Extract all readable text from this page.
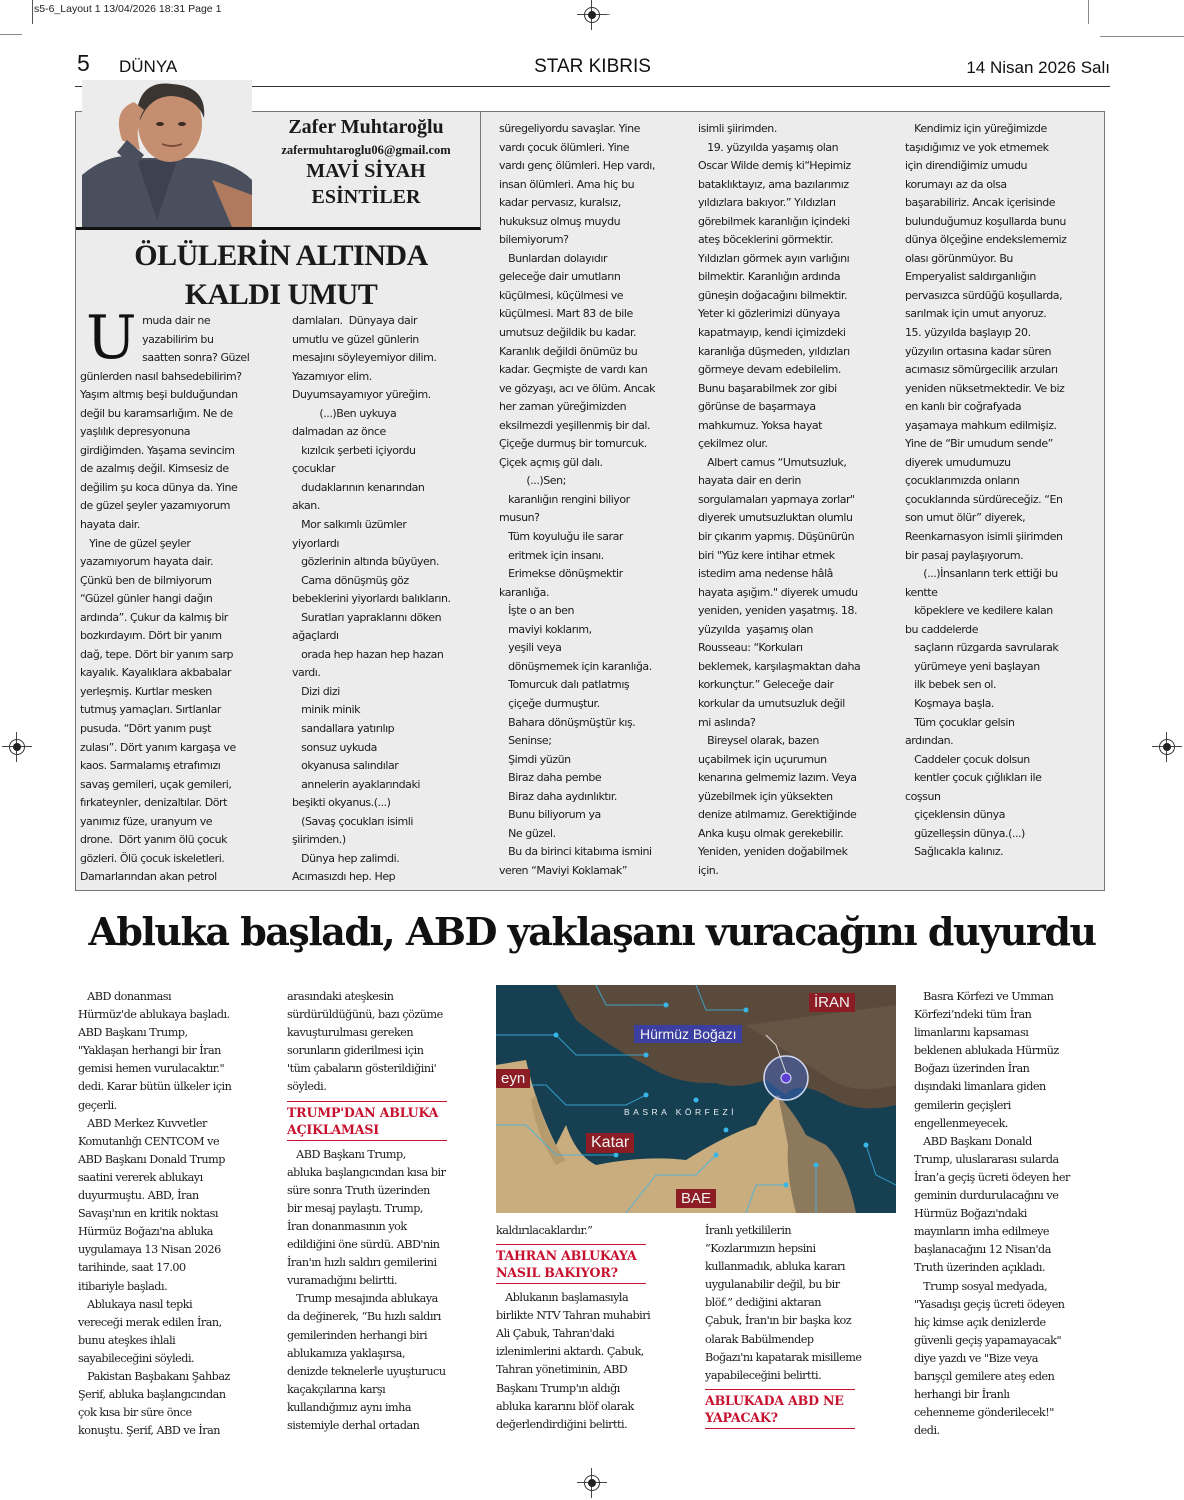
s5-6_Layout 1 13/04/2026 18:31 Page 1
5 DÜNYA	STAR KIBRIS	14 Nisan 2026 Salı
Zafer Muhtaroğlu
zafermuhtaroglu06@gmail.com
MAVİ SİYAH
ESİNTİLER
ÖLÜLERİN ALTINDA
KALDI UMUT
U muda dair ne
yazabilirim bu
saatten sonra? Güzel
günlerden nasıl bahsedebilirim?
Yaşım altmış beşi bulduğundan
değil bu karamsarlığım. Ne de
yaşlılık depresyonuna
girdiğimden. Yaşama sevincim
de azalmış değil. Kimsesiz de
değilim şu koca dünya da. Yine
de güzel şeyler yazamıyorum
hayata dair.
Yine de güzel şeyler
yazamıyorum hayata dair.
Çünkü ben de bilmiyorum
“Güzel günler hangi dağın
ardında”. Çukur da kalmış bir
bozkırdayım. Dört bir yanım
dağ, tepe. Dört bir yanım sarp
kayalık. Kayalıklara akbabalar
yerleşmiş. Kurtlar mesken
tutmuş yamaçları. Sırtlanlar
pusuda. “Dört yanım puşt
zulası”. Dört yanım kargaşa ve
kaos. Sarmalamış etrafımızı
savaş gemileri, uçak gemileri,
fırkateynler, denizaltılar. Dört
yanımız füze, uranyum ve
drone.  Dört yanım ölü çocuk
gözleri. Ölü çocuk iskeletleri.
Damarlarından akan petrol
damlaları.  Dünyaya dair
umutlu ve güzel günlerin
mesajını söyleyemiyor dilim.
Yazamıyor elim.
Duyumsayamıyor yüreğim.
(...)Ben uykuya
dalmadan az önce
kızılcık şerbeti içiyordu
çocuklar
dudaklarının kenarından
akan.
Mor salkımlı üzümler
yiyorlardı
gözlerinin altında büyüyen.
Cama dönüşmüş göz
bebeklerini yiyorlardı balıkların.
Suratları yapraklarını döken
ağaçlardı
orada hep hazan hep hazan
vardı.
Dizi dizi
minik minik
sandallara yatırılıp
sonsuz uykuda
okyanusa salındılar
annelerin ayaklarındaki
beşikti okyanus.(...)
(Savaş çocukları isimli
şiirimden.)
Dünya hep zalimdi.
Acımasızdı hep. Hep
süregeliyordu savaşlar. Yine
vardı çocuk ölümleri. Yine
vardı genç ölümleri. Hep vardı,
insan ölümleri. Ama hiç bu
kadar pervasız, kuralsız,
hukuksuz olmuş muydu
bilemiyorum?
Bunlardan dolayıdır
geleceğe dair umutların
küçülmesi, küçülmesi ve
küçülmesi. Mart 83 de bile
umutsuz değildik bu kadar.
Karanlık değildi önümüz bu
kadar. Geçmişte de vardı kan
ve gözyaşı, acı ve ölüm. Ancak
her zaman yüreğimizden
eksilmezdi yeşillenmiş bir dal.
Çiçeğe durmuş bir tomurcuk.
Çiçek açmış gül dalı.
(...)Sen;
karanlığın rengini biliyor
musun?
Tüm koyuluğu ile sarar
eritmek için insanı.
Erimekse dönüşmektir
karanlığa.
İşte o an ben
maviyi koklarım,
yeşili veya
dönüşmemek için karanlığa.
Tomurcuk dalı patlatmış
çiçeğe durmuştur.
Bahara dönüşmüştür kış.
Seninse;
Şimdi yüzün
Biraz daha pembe
Biraz daha aydınlıktır.
Bunu biliyorum ya
Ne güzel.
Bu da birinci kitabıma ismini
veren “Maviyi Koklamak”
isimli şiirimden.
19. yüzyılda yaşamış olan
Oscar Wilde demiş ki“Hepimiz
bataklıktayız, ama bazılarımız
yıldızlara bakıyor.” Yıldızları
görebilmek karanlığın içindeki
ateş böceklerini görmektir.
Yıldızları görmek ayın varlığını
bilmektir. Karanlığın ardında
güneşin doğacağını bilmektir.
Yeter ki gözlerimizi dünyaya
kapatmayıp, kendi içimizdeki
karanlığa düşmeden, yıldızları
görmeye devam edebilelim.
Bunu başarabilmek zor gibi
görünse de başarmaya
mahkumuz. Yoksa hayat
çekilmez olur.
Albert camus “Umutsuzluk,
hayata dair en derin
sorgulamaları yapmaya zorlar"
diyerek umutsuzluktan olumlu
bir çıkarım yapmış. Düşünürün
biri "Yüz kere intihar etmek
istedim ama nedense hâlâ
hayata aşığım." diyerek umudu
yeniden, yeniden yaşatmış. 18.
yüzyılda  yaşamış olan
Rousseau: “Korkuları
beklemek, karşılaşmaktan daha
korkunçtur.” Geleceğe dair
korkular da umutsuzluk değil
mi aslında?
Bireysel olarak, bazen
uçabilmek için uçurumun
kenarına gelmemiz lazım. Veya
yüzebilmek için yüksekten
denize atılmamız. Gerektiğinde
Anka kuşu olmak gerekebilir.
Yeniden, yeniden doğabilmek
için.
Kendimiz için yüreğimizde
taşıdığımız ve yok etmemek
için direndiğimiz umudu
korumayı az da olsa
başarabiliriz. Ancak içerisinde
bulunduğumuz koşullarda bunu
dünya ölçeğine endekslememiz
olası görünmüyor. Bu
Emperyalist saldırganlığın
pervasızca sürdüğü koşullarda,
sarılmak için umut arıyoruz.
15. yüzyılda başlayıp 20.
yüzyılın ortasına kadar süren
acımasız sömürgecilik arzuları
yeniden nüksetmektedir. Ve biz
en kanlı bir coğrafyada
yaşamaya mahkum edilmişiz.
Yine de “Bir umudum sende”
diyerek umudumuzu
çocuklarımızda onların
çocuklarında sürdüreceğiz. “En
son umut ölür” diyerek,
Reenkarnasyon isimli şiirimden
bir pasaj paylaşıyorum.
(...)İnsanların terk ettiği bu
kentte
köpeklere ve kedilere kalan
bu caddelerde
saçların rüzgarda savrularak
yürümeye yeni başlayan
ilk bebek sen ol.
Koşmaya başla.
Tüm çocuklar gelsin
ardından.
Caddeler çocuk dolsun
kentler çocuk çığlıkları ile
coşsun
çiçeklensin dünya
güzelleşsin dünya.(...)
Sağlıcakla kalınız.
Abluka başladı, ABD yaklaşanı vuracağını duyurdu
ABD donanması
Hürmüz'de ablukaya başladı.
ABD Başkanı Trump,
"Yaklaşan herhangi bir İran
gemisi hemen vurulacaktır."
dedi. Karar bütün ülkeler için
geçerli.
ABD Merkez Kuvvetler
Komutanlığı CENTCOM ve
ABD Başkanı Donald Trump
saatini vererek ablukayı
duyurmuştu. ABD, İran
Savaşı'nın en kritik noktası
Hürmüz Boğazı'na abluka
uygulamaya 13 Nisan 2026
tarihinde, saat 17.00
itibariyle başladı.
Ablukaya nasıl tepki
vereceği merak edilen İran,
bunu ateşkes ihlali
sayabileceğini söyledi.
Pakistan Başbakanı Şahbaz
Şerif, abluka başlangıcından
çok kısa bir süre önce
konuştu. Şerif, ABD ve İran
arasındaki ateşkesin
sürdürüldüğünü, bazı çözüme
kavuşturulması gereken
sorunların giderilmesi için
'tüm çabaların gösterildiğini'
söyledi.
TRUMP'DAN ABLUKA AÇIKLAMASI
ABD Başkanı Trump,
abluka başlangıcından kısa bir
süre sonra Truth üzerinden
bir mesaj paylaştı. Trump,
İran donanmasının yok
edildiğini öne sürdü. ABD'nin
İran'ın hızlı saldırı gemilerini
vuramadığını belirtti.
Trump mesajında ablukaya
da değinerek, “Bu hızlı saldırı
gemilerinden herhangi biri
ablukamıza yaklaşırsa,
denizde teknelerle uyuşturucu
kaçakçılarına karşı
kullandığımız aynı imha
sistemiyle derhal ortadan
İRAN
Hürmüz Boğazı
eyn
BASRA KÖRFEZİ
Katar
BAE
kaldırılacaklardır.”
TAHRAN ABLUKAYA NASIL BAKIYOR?
Ablukanın başlamasıyla
birlikte NTV Tahran muhabiri
Ali Çabuk, Tahran'daki
izlenimlerini aktardı. Çabuk,
Tahran yönetiminin, ABD
Başkanı Trump'ın aldığı
abluka kararını blöf olarak
değerlendirdiğini belirtti.
İranlı yetkililerin
“Kozlarımızın hepsini
kullanmadık, abluka kararı
uygulanabilir değil, bu bir
blöf.” dediğini aktaran
Çabuk, İran'ın bir başka koz
olarak Babülmendep
Boğazı'nı kapatarak misilleme
yapabileceğini belirtti.
ABLUKADA ABD NE YAPACAK?
Basra Körfezi ve Umman
Körfezi’ndeki tüm İran
limanlarını kapsaması
beklenen ablukada Hürmüz
Boğazı üzerinden İran
dışındaki limanlara giden
gemilerin geçişleri
engellenmeyecek.
ABD Başkanı Donald
Trump, uluslararası sularda
İran’a geçiş ücreti ödeyen her
geminin durdurulacağını ve
Hürmüz Boğazı'ndaki
mayınların imha edilmeye
başlanacağını 12 Nisan'da
Truth üzerinden açıkladı.
Trump sosyal medyada,
"Yasadışı geçiş ücreti ödeyen
hiç kimse açık denizlerde
güvenli geçiş yapamayacak"
diye yazdı ve "Bize veya
barışçıl gemilere ateş eden
herhangi bir İranlı
cehenneme gönderilecek!"
dedi.
